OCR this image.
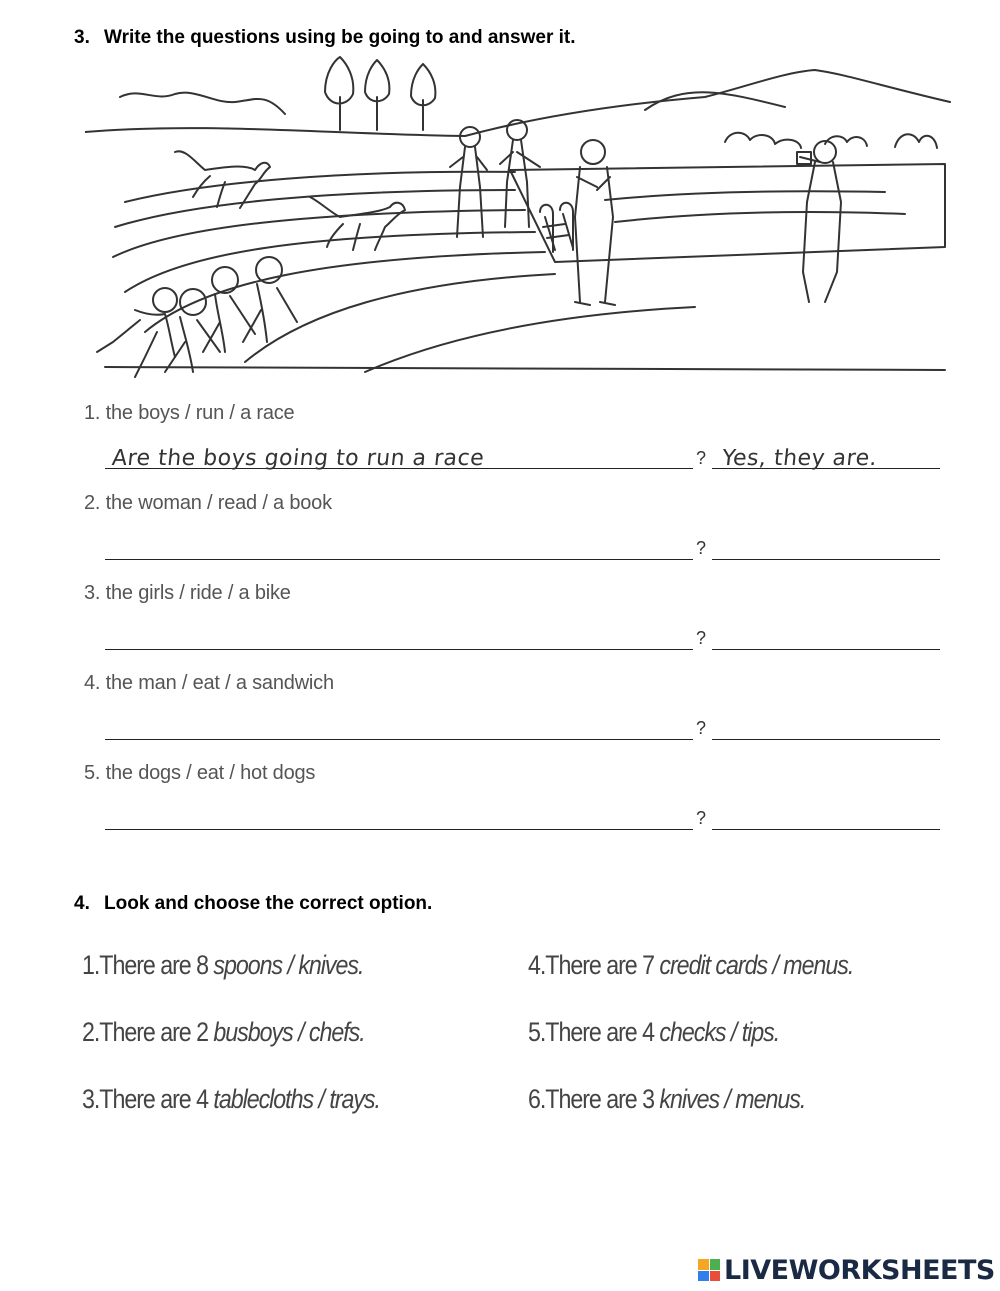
3. Write the questions using be going to and answer it.
1. the boys / run / a race
Are the boys going to run a race	? Yes, they are.
2. the woman / read / a book
?
3. the girls / ride / a bike
?
4. the man / eat / a sandwich
?
5. the dogs / eat / hot dogs
?
4. Look and choose the correct option.
1.There are 8 spoons / knives.
2.There are 2 busboys / chefs.
3.There are 4 tablecloths / trays.
4.There are 7 credit cards / menus.
5.There are 4 checks / tips.
6.There are 3 knives / menus.
LIVEWORKSHEETS
